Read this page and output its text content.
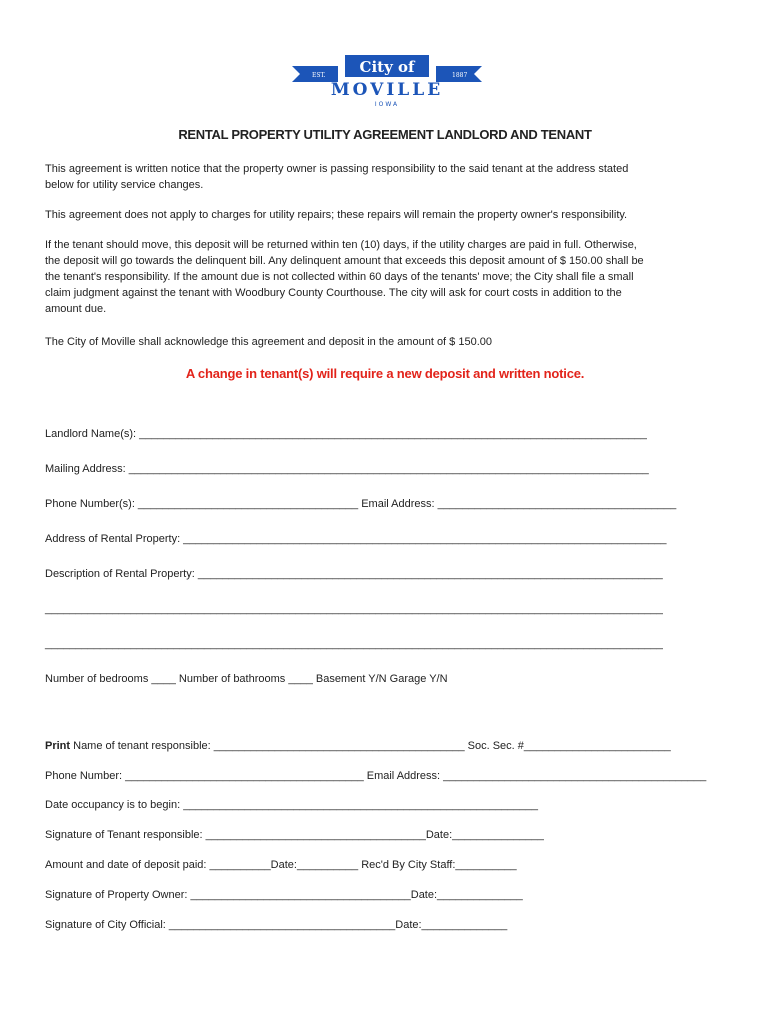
City of
EST.	1887
MOVILLE
IOWA
RENTAL PROPERTY UTILITY AGREEMENT LANDLORD AND TENANT
This agreement is written notice that the property owner is passing responsibility to the said tenant at the address stated
below for utility service changes.
This agreement does not apply to charges for utility repairs; these repairs will remain the property owner's responsibility.
If the tenant should move, this deposit will be returned within ten (10) days, if the utility charges are paid in full. Otherwise,
the deposit will go towards the delinquent bill. Any delinquent amount that exceeds this deposit amount of $ 150.00 shall be
the tenant's responsibility. If the amount due is not collected within 60 days of the tenants' move; the City shall file a small
claim judgment against the tenant with Woodbury County Courthouse. The city will ask for court costs in addition to the
amount due.
The City of Moville shall acknowledge this agreement and deposit in the amount of $ 150.00
A change in tenant(s) will require a new deposit and written notice.
Landlord Name(s): ___________________________________________________________________________________
Mailing Address: _____________________________________________________________________________________
Phone Number(s): ____________________________________ Email Address: _______________________________________
Address of Rental Property: _______________________________________________________________________________
Description of Rental Property: ____________________________________________________________________________
_____________________________________________________________________________________________________
_____________________________________________________________________________________________________
Number of bedrooms ____ Number of bathrooms ____ Basement Y/N Garage Y/N
Print Name of tenant responsible: _________________________________________ Soc. Sec. #________________________
Phone Number: _______________________________________ Email Address: ___________________________________________
Date occupancy is to begin: __________________________________________________________
Signature of Tenant responsible: ____________________________________Date:_______________
Amount and date of deposit paid: __________Date:__________ Rec'd By City Staff:__________
Signature of Property Owner: ____________________________________Date:______________
Signature of City Official: _____________________________________Date:______________
